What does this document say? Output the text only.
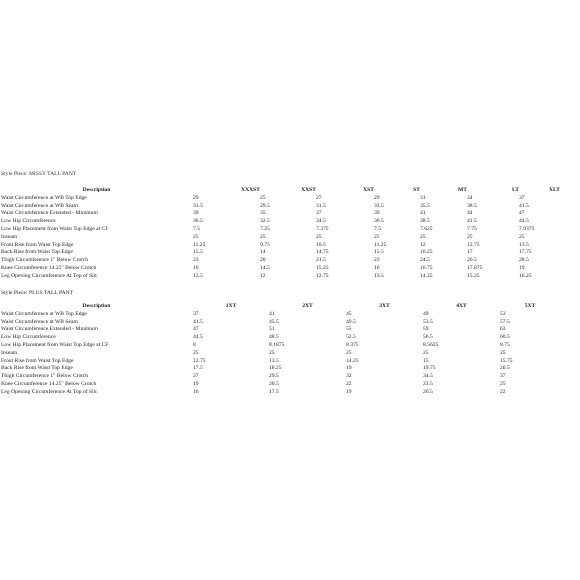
Style Piece: MISSY TALL PANT
Description	XXXST	XXST	XST	ST	MT	LT	XLT
Waist Circumference at WB Top Edge	29	25	27	29	31	34	37
Waist Circumference at WB Seam	33.5	29.5	31.5	33.5	35.5	38.5	41.5
Waist Circumference Extended - Minimum	39	35	37	39	41	44	47
Low Hip Circumference	36.5	32.5	34.5	36.5	38.5	41.5	44.5
Low Hip Placement from Waist Top Edge at CF	7.5	7.25	7.375	7.5	7.625	7.75	7.9375
Inseam	25	25	25	25	25	25	25
Front Rise from Waist Top Edge	11.25	9.75	10.5	11.25	12	12.75	13.5
Back Rise from Waist Top Edge	15.5	14	14.75	15.5	16.25	17	17.75
Thigh Circumference 1" Below Crotch	23	20	21.5	23	24.5	26.5	28.5
Knee Circumference 14.25" Below Crotch	16	14.5	15.25	16	16.75	17.875	19
Leg Opening Circumference At Top of Slit	13.5	12	12.75	13.5	14.25	15.25	16.25
Style Piece: PLUS TALL PANT
Description	1XT	2XT	3XT	4XT	5XT
Waist Circumference at WB Top Edge	37	41	45	49	53
Waist Circumference at WB Seam	41.5	45.5	49.5	53.5	57.5
Waist Circumference Extended - Minimum	47	51	55	59	63
Low Hip Circumference	44.5	48.5	52.5	56.5	60.5
Low Hip Placement from Waist Top Edge at CF	8	8.1875	8.375	8.5625	8.75
Inseam	25	25	25	25	25
Front Rise from Waist Top Edge	12.75	13.5	14.25	15	15.75
Back Rise from Waist Top Edge	17.5	18.25	19	19.75	20.5
Thigh Circumference 1" Below Crotch	27	29.5	32	34.5	37
Knee Circumference 14.25" Below Crotch	19	20.5	22	23.5	25
Leg Opening Circumference At Top of Slit	16	17.5	19	20.5	22
